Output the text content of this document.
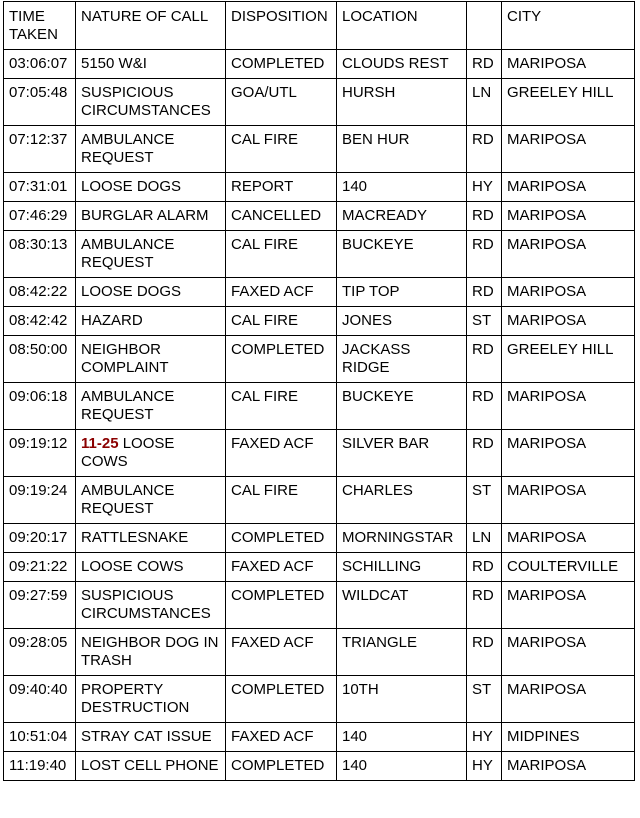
TIME TAKEN	NATURE OF CALL	DISPOSITION	LOCATION		CITY
03:06:07	5150 W&I	COMPLETED	CLOUDS REST	RD	MARIPOSA
07:05:48	SUSPICIOUS CIRCUMSTANCES	GOA/UTL	HURSH	LN	GREELEY HILL
07:12:37	AMBULANCE REQUEST	CAL FIRE	BEN HUR	RD	MARIPOSA
07:31:01	LOOSE DOGS	REPORT	140	HY	MARIPOSA
07:46:29	BURGLAR ALARM	CANCELLED	MACREADY	RD	MARIPOSA
08:30:13	AMBULANCE REQUEST	CAL FIRE	BUCKEYE	RD	MARIPOSA
08:42:22	LOOSE DOGS	FAXED ACF	TIP TOP	RD	MARIPOSA
08:42:42	HAZARD	CAL FIRE	JONES	ST	MARIPOSA
08:50:00	NEIGHBOR COMPLAINT	COMPLETED	JACKASS RIDGE	RD	GREELEY HILL
09:06:18	AMBULANCE REQUEST	CAL FIRE	BUCKEYE	RD	MARIPOSA
09:19:12	11-25 LOOSE COWS	FAXED ACF	SILVER BAR	RD	MARIPOSA
09:19:24	AMBULANCE REQUEST	CAL FIRE	CHARLES	ST	MARIPOSA
09:20:17	RATTLESNAKE	COMPLETED	MORNINGSTAR	LN	MARIPOSA
09:21:22	LOOSE COWS	FAXED ACF	SCHILLING	RD	COULTERVILLE
09:27:59	SUSPICIOUS CIRCUMSTANCES	COMPLETED	WILDCAT	RD	MARIPOSA
09:28:05	NEIGHBOR DOG IN TRASH	FAXED ACF	TRIANGLE	RD	MARIPOSA
09:40:40	PROPERTY DESTRUCTION	COMPLETED	10TH	ST	MARIPOSA
10:51:04	STRAY CAT ISSUE	FAXED ACF	140	HY	MIDPINES
11:19:40	LOST CELL PHONE	COMPLETED	140	HY	MARIPOSA
